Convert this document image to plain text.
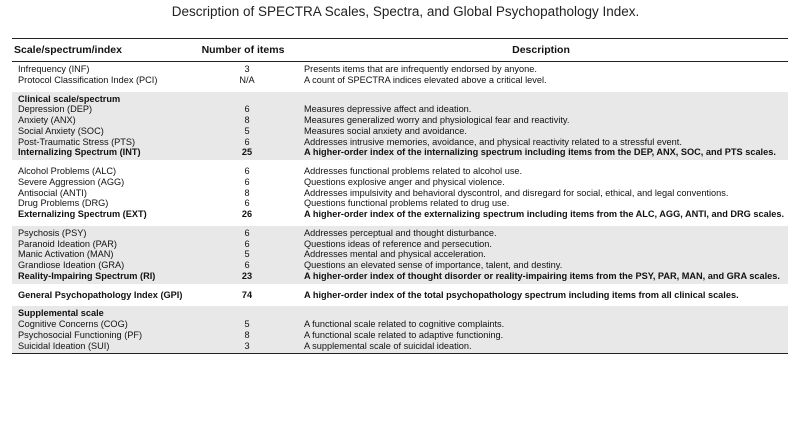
Description of SPECTRA Scales, Spectra, and Global Psychopathology Index.
Scale/spectrum/index	Number of items	Description
Infrequency (INF)	3	Presents items that are infrequently endorsed by anyone.
Protocol Classification Index (PCI)	N/A	A count of SPECTRA indices elevated above a critical level.
Clinical scale/spectrum
Depression (DEP)	6	Measures depressive affect and ideation.
Anxiety (ANX)	8	Measures generalized worry and physiological fear and reactivity.
Social Anxiety (SOC)	5	Measures social anxiety and avoidance.
Post-Traumatic Stress (PTS)	6	Addresses intrusive memories, avoidance, and physical reactivity related to a stressful event.
Internalizing Spectrum (INT)	25	A higher-order index of the internalizing spectrum including items from the DEP, ANX, SOC, and PTS scales.
Alcohol Problems (ALC)	6	Addresses functional problems related to alcohol use.
Severe Aggression (AGG)	6	Questions explosive anger and physical violence.
Antisocial (ANTI)	8	Addresses impulsivity and behavioral dyscontrol, and disregard for social, ethical, and legal conventions.
Drug Problems (DRG)	6	Questions functional problems related to drug use.
Externalizing Spectrum (EXT)	26	A higher-order index of the externalizing spectrum including items from the ALC, AGG, ANTI, and DRG scales.
Psychosis (PSY)	6	Addresses perceptual and thought disturbance.
Paranoid Ideation (PAR)	6	Questions ideas of reference and persecution.
Manic Activation (MAN)	5	Addresses mental and physical acceleration.
Grandiose Ideation (GRA)	6	Questions an elevated sense of importance, talent, and destiny.
Reality-Impairing Spectrum (RI)	23	A higher-order index of thought disorder or reality-impairing items from the PSY, PAR, MAN, and GRA scales.
General Psychopathology Index (GPI)	74	A higher-order index of the total psychopathology spectrum including items from all clinical scales.
Supplemental scale
Cognitive Concerns (COG)	5	A functional scale related to cognitive complaints.
Psychosocial Functioning (PF)	8	A functional scale related to adaptive functioning.
Suicidal Ideation (SUI)	3	A supplemental scale of suicidal ideation.
